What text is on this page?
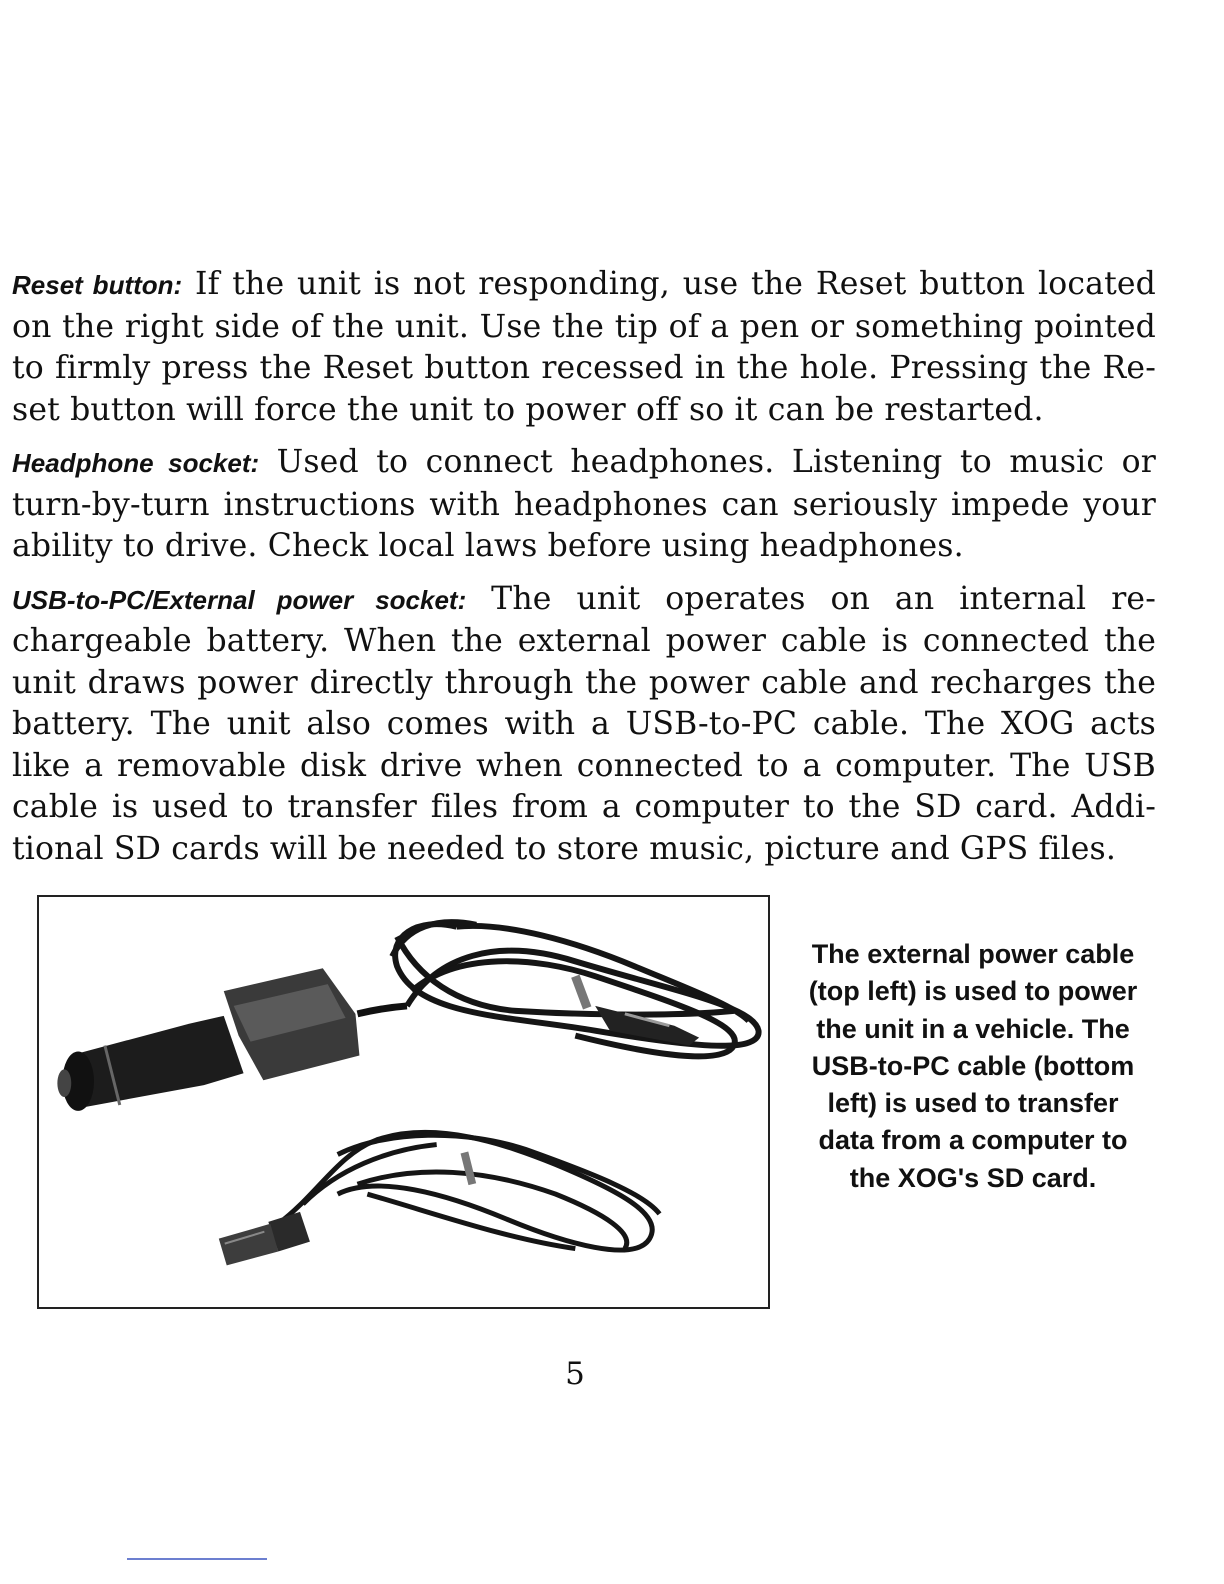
Reset button: If the unit is not responding, use the Reset button located on the right side of the unit. Use the tip of a pen or something pointed to firmly press the Reset button recessed in the hole. Pressing the Re-set button will force the unit to power off so it can be restarted.

Headphone socket: Used to connect headphones. Listening to music or turn-by-turn instructions with headphones can seriously impede your ability to drive. Check local laws before using headphones.

USB-to-PC/External power socket: The unit operates on an internal re-chargeable battery. When the external power cable is connected the unit draws power directly through the power cable and recharges the battery. The unit also comes with a USB-to-PC cable. The XOG acts like a removable disk drive when connected to a computer. The USB cable is used to transfer files from a computer to the SD card. Addi-tional SD cards will be needed to store music, picture and GPS files.

The external power cable (top left) is used to power the unit in a vehicle. The USB-to-PC cable (bottom left) is used to transfer data from a computer to the XOG's SD card.
5
